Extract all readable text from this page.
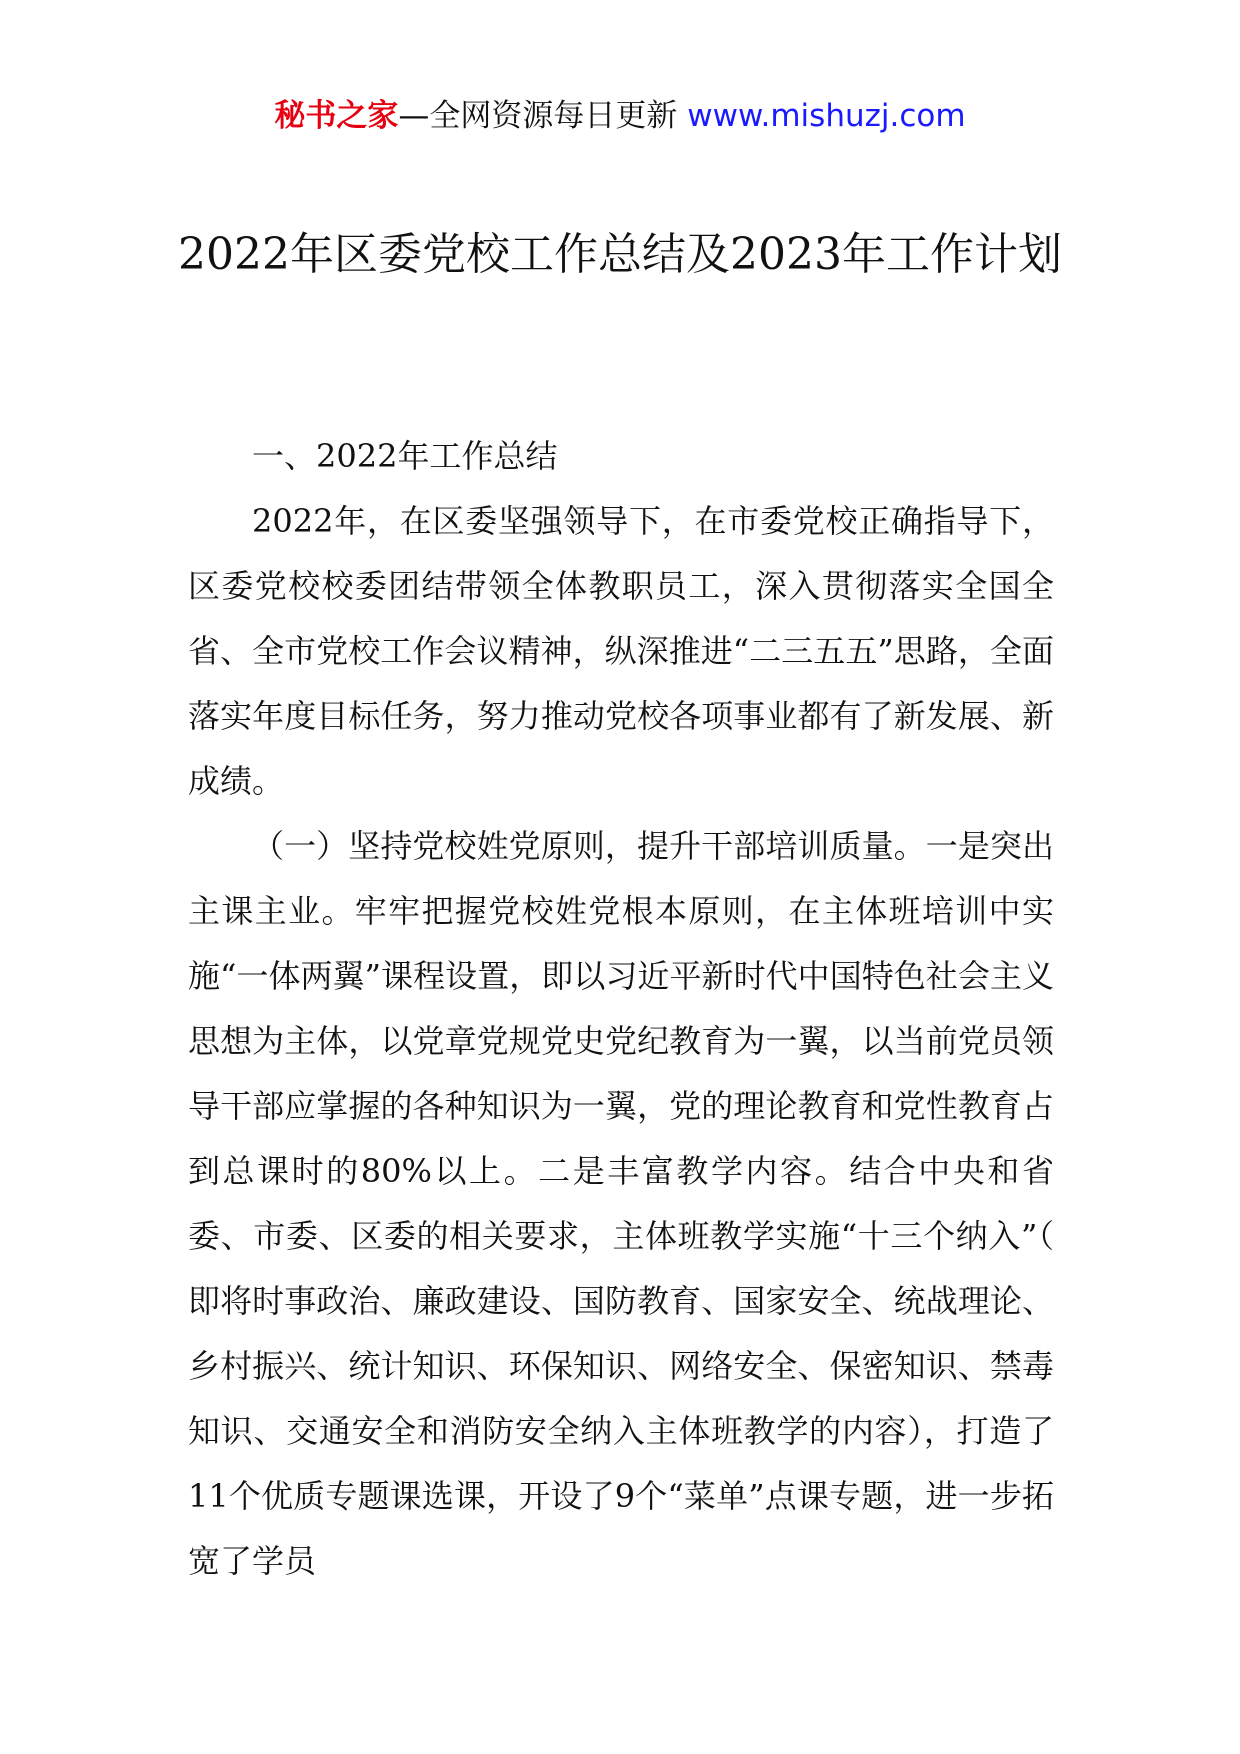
秘书之家—全网资源每日更新 www.mishuzj.com
2022年区委党校工作总结及2023年工作计划

一、2022年工作总结

2022年，在区委坚强领导下，在市委党校正确指导下，区委党校校委团结带领全体教职员工，深入贯彻落实全国全省、全市党校工作会议精神，纵深推进“二三五五”思路，全面落实年度目标任务，努力推动党校各项事业都有了新发展、新成绩。

（一）坚持党校姓党原则，提升干部培训质量。一是突出主课主业。牢牢把握党校姓党根本原则，在主体班培训中实施“一体两翼”课程设置，即以习近平新时代中国特色社会主义思想为主体，以党章党规党史党纪教育为一翼，以当前党员领导干部应掌握的各种知识为一翼，党的理论教育和党性教育占到总课时的80%以上。二是丰富教学内容。结合中央和省委、市委、区委的相关要求，主体班教学实施“十三个纳入”（ 即将时事政治、廉政建设、国防教育、国家安全、统战理论、乡村振兴、统计知识、环保知识、网络安全、保密知识、禁毒知识、交通安全和消防安全纳入主体班教学的内容），打造了11个优质专题课选课，开设了9个“菜单”点课专题，进一步拓宽了学员
